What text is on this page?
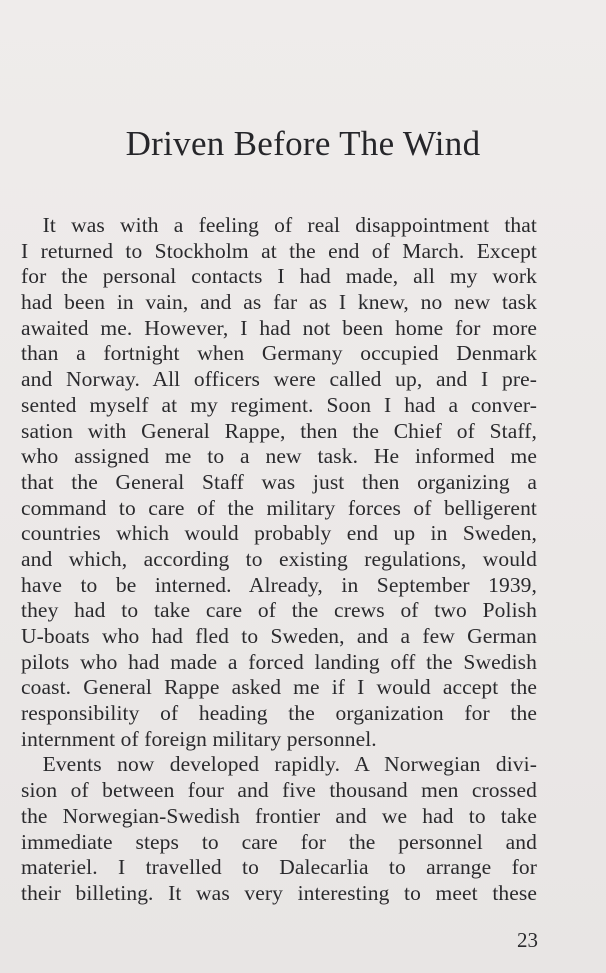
Driven Before The Wind
 It was with a feeling of real disappointment that
I returned to Stockholm at the end of March. Except
for the personal contacts I had made, all my work
had been in vain, and as far as I knew, no new task
awaited me. However, I had not been home for more
than a fortnight when Germany occupied Denmark
and Norway. All officers were called up, and I pre-
sented myself at my regiment. Soon I had a conver-
sation with General Rappe, then the Chief of Staff,
who assigned me to a new task. He informed me
that the General Staff was just then organizing a
command to care of the military forces of belligerent
countries which would probably end up in Sweden,
and which, according to existing regulations, would
have to be interned. Already, in September 1939,
they had to take care of the crews of two Polish
U-boats who had fled to Sweden, and a few German
pilots who had made a forced landing off the Swedish
coast. General Rappe asked me if I would accept the
responsibility of heading the organization for the
internment of foreign military personnel.
 Events now developed rapidly. A Norwegian divi-
sion of between four and five thousand men crossed
the Norwegian-Swedish frontier and we had to take
immediate steps to care for the personnel and
materiel. I travelled to Dalecarlia to arrange for
their billeting. It was very interesting to meet these
23
